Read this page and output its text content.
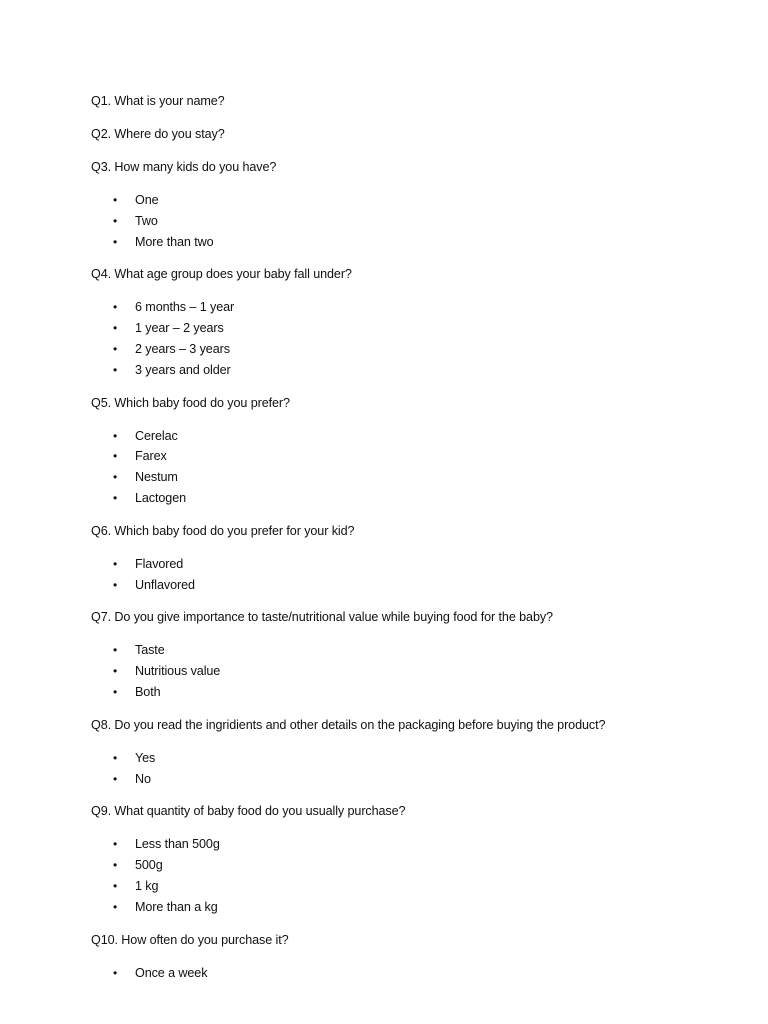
Q1. What is your name?

Q2. Where do you stay?

Q3. How many kids do you have?

• One
• Two
• More than two

Q4. What age group does your baby fall under?

• 6 months – 1 year
• 1 year – 2 years
• 2 years – 3 years
• 3 years and older

Q5. Which baby food do you prefer?

• Cerelac
• Farex
• Nestum
• Lactogen

Q6. Which baby food do you prefer for your kid?

• Flavored
• Unflavored

Q7. Do you give importance to taste/nutritional value while buying food for the baby?

• Taste
• Nutritious value
• Both

Q8. Do you read the ingridients and other details on the packaging before buying the product?

• Yes
• No

Q9. What quantity of baby food do you usually purchase?

• Less than 500g
• 500g
• 1 kg
• More than a kg

Q10. How often do you purchase it?

• Once a week
